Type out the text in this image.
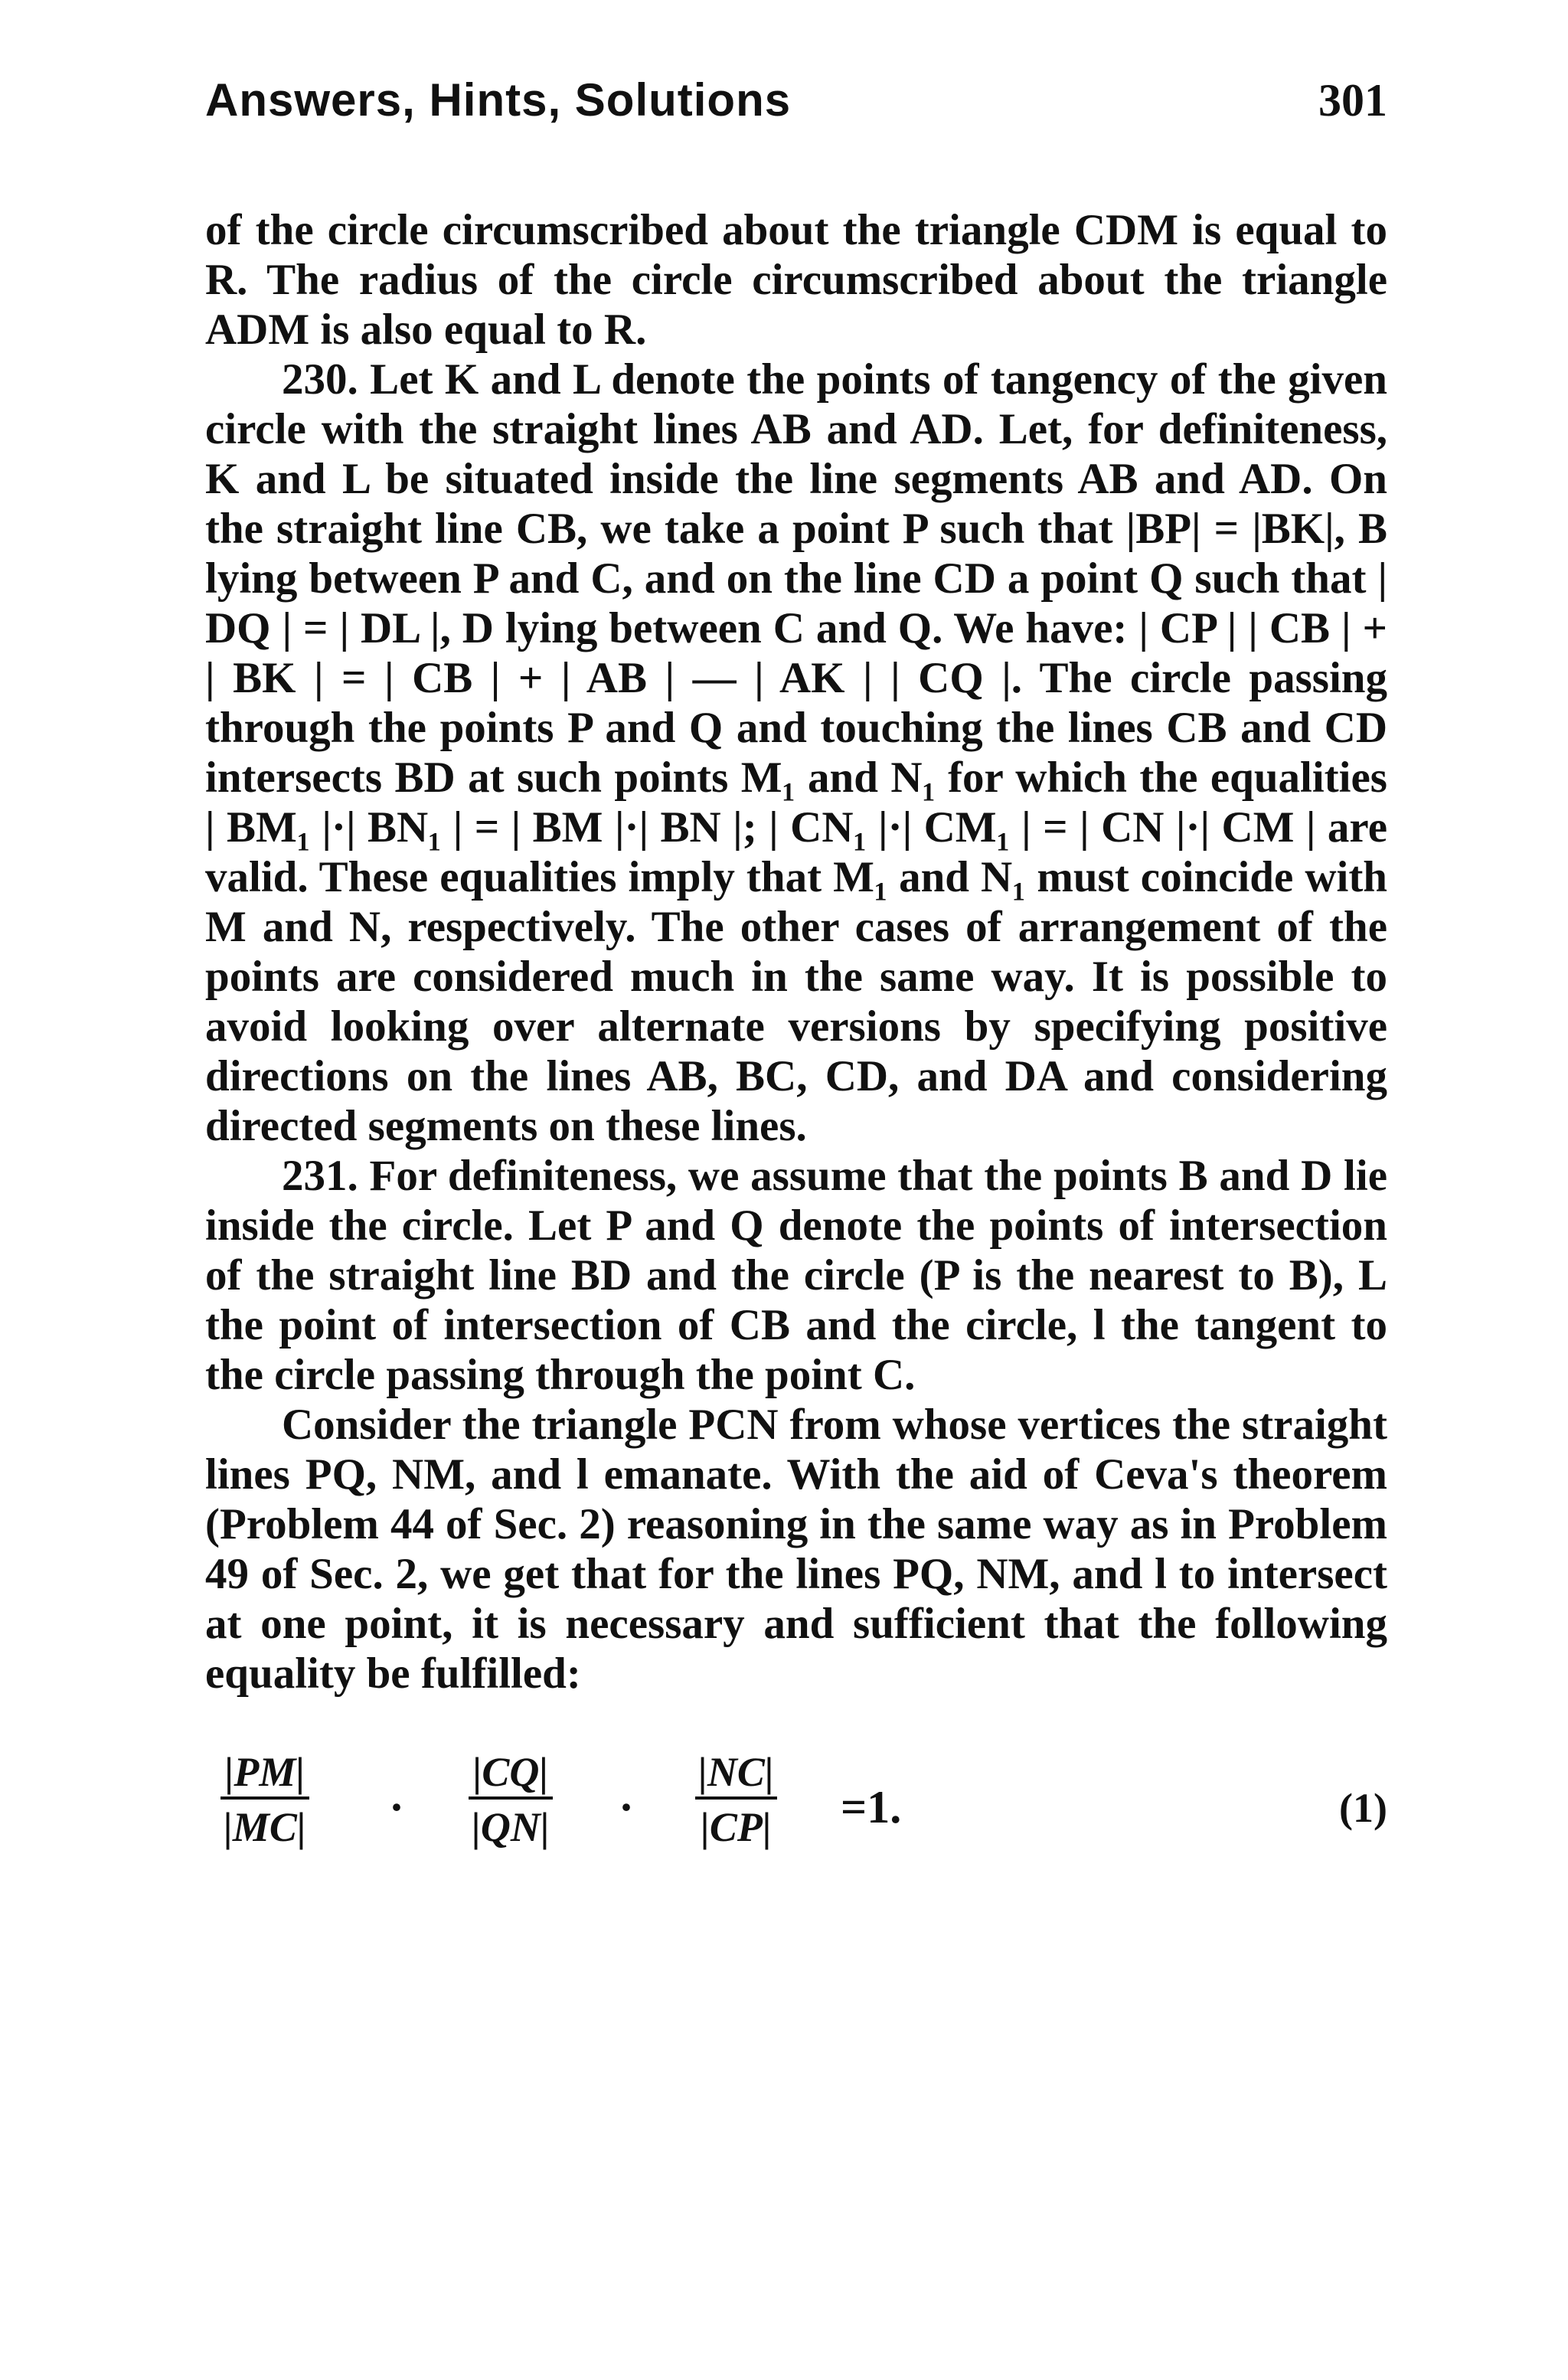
Answers, Hints, Solutions	301

of the circle circumscribed about the triangle CDM is equal to R. The radius of the circle circumscribed about the triangle ADM is also equal to R.

230. Let K and L denote the points of tangency of the given circle with the straight lines AB and AD. Let, for definiteness, K and L be situated inside the line segments AB and AD. On the straight line CB, we take a point P such that |BP| = |BK|, B lying between P and C, and on the line CD a point Q such that | DQ | = | DL |, D lying between C and Q. We have: | CP | | CB | + | BK | = | CB | + | AB | — | AK | | CQ |. The circle passing through the points P and Q and touching the lines CB and CD intersects BD at such points M₁ and N₁ for which the equalities | BM₁ |·| BN₁ | = | BM |·| BN |; | CN₁ |·| CM₁ | = | CN |·| CM | are valid. These equalities imply that M₁ and N₁ must coincide with M and N, respectively. The other cases of arrangement of the points are considered much in the same way. It is possible to avoid looking over alternate versions by specifying positive directions on the lines AB, BC, CD, and DA and considering directed segments on these lines.

231. For definiteness, we assume that the points B and D lie inside the circle. Let P and Q denote the points of intersection of the straight line BD and the circle (P is the nearest to B), L the point of intersection of CB and the circle, l the tangent to the circle passing through the point C.

Consider the triangle PCN from whose vertices the straight lines PQ, NM, and l emanate. With the aid of Ceva's theorem (Problem 44 of Sec. 2) reasoning in the same way as in Problem 49 of Sec. 2, we get that for the lines PQ, NM, and l to intersect at one point, it is necessary and sufficient that the following equality be fulfilled:

$\frac{|PM|}{|MC|} \cdot \frac{|CQ|}{|QN|} \cdot \frac{|NC|}{|CP|} =1$.	(1)
